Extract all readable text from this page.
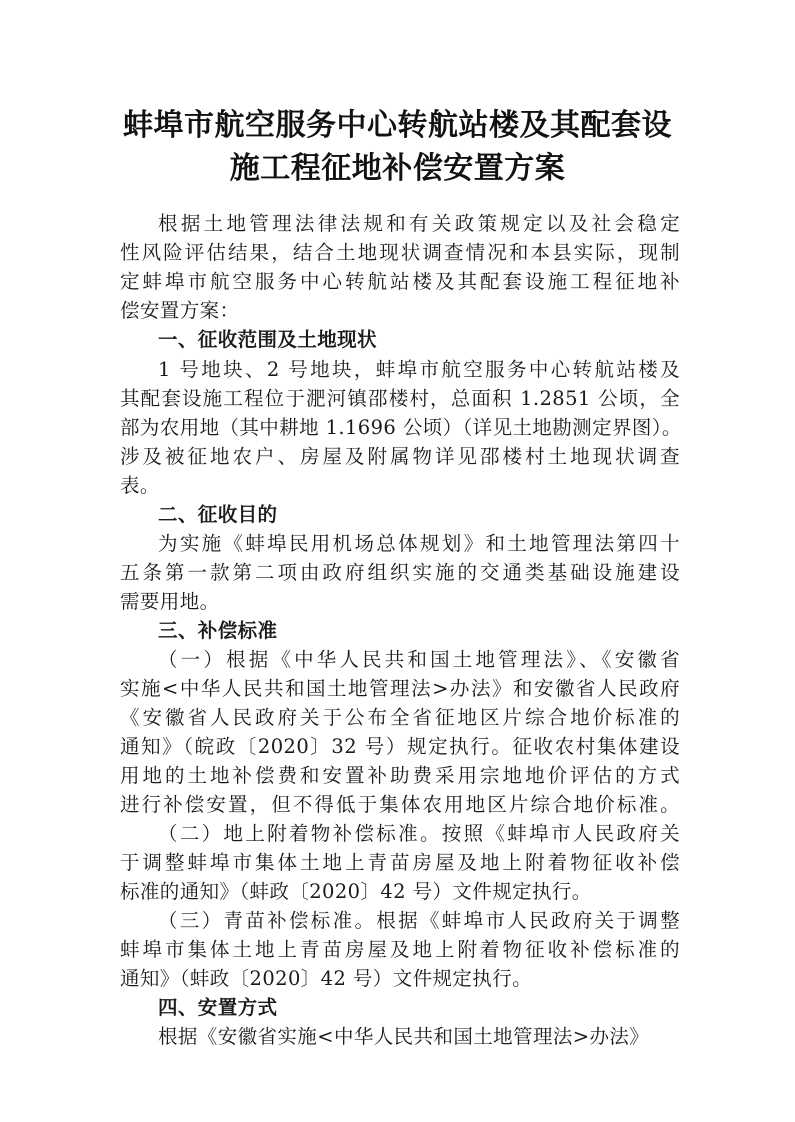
蚌埠市航空服务中心转航站楼及其配套设
施工程征地补偿安置方案
根据土地管理法律法规和有关政策规定以及社会稳定
性风险评估结果，结合土地现状调查情况和本县实际，现制
定蚌埠市航空服务中心转航站楼及其配套设施工程征地补
偿安置方案：
一、征收范围及土地现状
1 号地块、2 号地块，蚌埠市航空服务中心转航站楼及
其配套设施工程位于淝河镇邵楼村，总面积 1.2851 公顷，全
部为农用地（其中耕地 1.1696 公顷）（详见土地勘测定界图）。
涉及被征地农户、房屋及附属物详见邵楼村土地现状调查
表。
二、征收目的
为实施《蚌埠民用机场总体规划》和土地管理法第四十
五条第一款第二项由政府组织实施的交通类基础设施建设
需要用地。
三、补偿标准
（一）根据《中华人民共和国土地管理法》、《安徽省
实施<中华人民共和国土地管理法>办法》和安徽省人民政府
《安徽省人民政府关于公布全省征地区片综合地价标准的
通知》（皖政〔2020〕32 号）规定执行。征收农村集体建设
用地的土地补偿费和安置补助费采用宗地地价评估的方式
进行补偿安置，但不得低于集体农用地区片综合地价标准。
（二）地上附着物补偿标准。按照《蚌埠市人民政府关
于调整蚌埠市集体土地上青苗房屋及地上附着物征收补偿
标准的通知》（蚌政〔2020〕42 号）文件规定执行。
（三）青苗补偿标准。根据《蚌埠市人民政府关于调整
蚌埠市集体土地上青苗房屋及地上附着物征收补偿标准的
通知》（蚌政〔2020〕42 号）文件规定执行。
四、安置方式
根据《安徽省实施<中华人民共和国土地管理法>办法》
